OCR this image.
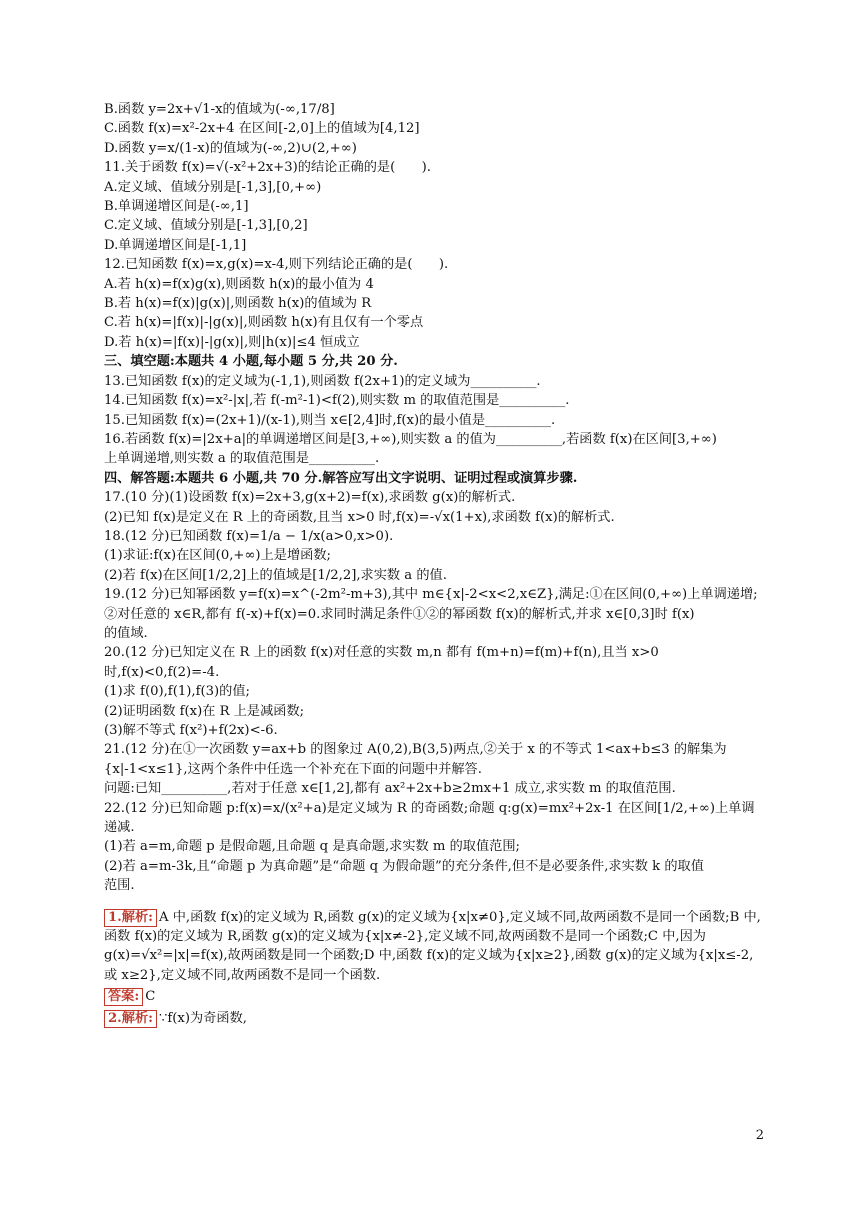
B.函数 y=2x+√1-x的值域为(-∞,17/8]
C.函数 f(x)=x²-2x+4 在区间[-2,0]上的值域为[4,12]
D.函数 y=x/(1-x)的值域为(-∞,2)∪(2,+∞)
11.关于函数 f(x)=√(-x²+2x+3)的结论正确的是(　　).
A.定义域、值域分别是[-1,3],[0,+∞)
B.单调递增区间是(-∞,1]
C.定义域、值域分别是[-1,3],[0,2]
D.单调递增区间是[-1,1]
12.已知函数 f(x)=x,g(x)=x-4,则下列结论正确的是(　　).
A.若 h(x)=f(x)g(x),则函数 h(x)的最小值为 4
B.若 h(x)=f(x)|g(x)|,则函数 h(x)的值域为 R
C.若 h(x)=|f(x)|-|g(x)|,则函数 h(x)有且仅有一个零点
D.若 h(x)=|f(x)|-|g(x)|,则|h(x)|≤4 恒成立
三、填空题:本题共 4 小题,每小题 5 分,共 20 分.
13.已知函数 f(x)的定义域为(-1,1),则函数 f(2x+1)的定义域为__________.
14.已知函数 f(x)=x²-|x|,若 f(-m²-1)<f(2),则实数 m 的取值范围是__________.
15.已知函数 f(x)=(2x+1)/(x-1),则当 x∈[2,4]时,f(x)的最小值是__________.
16.若函数 f(x)=|2x+a|的单调递增区间是[3,+∞),则实数 a 的值为__________,若函数 f(x)在区间[3,+∞)
上单调递增,则实数 a 的取值范围是__________.
四、解答题:本题共 6 小题,共 70 分.解答应写出文字说明、证明过程或演算步骤.
17.(10 分)(1)设函数 f(x)=2x+3,g(x+2)=f(x),求函数 g(x)的解析式.
(2)已知 f(x)是定义在 R 上的奇函数,且当 x>0 时,f(x)=-√x(1+x),求函数 f(x)的解析式.
18.(12 分)已知函数 f(x)=1/a − 1/x(a>0,x>0).
(1)求证:f(x)在区间(0,+∞)上是增函数;
(2)若 f(x)在区间[1/2,2]上的值域是[1/2,2],求实数 a 的值.
19.(12 分)已知幂函数 y=f(x)=x^(-2m²-m+3),其中 m∈{x|-2<x<2,x∈Z},满足:①在区间(0,+∞)上单调递增;
②对任意的 x∈R,都有 f(-x)+f(x)=0.求同时满足条件①②的幂函数 f(x)的解析式,并求 x∈[0,3]时 f(x)
的值域.
20.(12 分)已知定义在 R 上的函数 f(x)对任意的实数 m,n 都有 f(m+n)=f(m)+f(n),且当 x>0
时,f(x)<0,f(2)=-4.
(1)求 f(0),f(1),f(3)的值;
(2)证明函数 f(x)在 R 上是减函数;
(3)解不等式 f(x²)+f(2x)<-6.
21.(12 分)在①一次函数 y=ax+b 的图象过 A(0,2),B(3,5)两点,②关于 x 的不等式 1<ax+b≤3 的解集为
{x|-1<x≤1},这两个条件中任选一个补充在下面的问题中并解答.
问题:已知__________,若对于任意 x∈[1,2],都有 ax²+2x+b≥2mx+1 成立,求实数 m 的取值范围.
22.(12 分)已知命题 p:f(x)=x/(x²+a)是定义域为 R 的奇函数;命题 q:g(x)=mx²+2x-1 在区间[1/2,+∞)上单调
递减.
(1)若 a=m,命题 p 是假命题,且命题 q 是真命题,求实数 m 的取值范围;
(2)若 a=m-3k,且“命题 p 为真命题”是“命题 q 为假命题”的充分条件,但不是必要条件,求实数 k 的取值
范围.
1.解析: A 中,函数 f(x)的定义域为 R,函数 g(x)的定义域为{x|x≠0},定义域不同,故两函数不是同一个函数;B 中,函数 f(x)的定义域为 R,函数 g(x)的定义域为{x|x≠-2},定义域不同,故两函数不是同一个函数;C 中,因为 g(x)=√x²=|x|=f(x),故两函数是同一个函数;D 中,函数 f(x)的定义域为{x|x≥2},函数 g(x)的定义域为{x|x≤-2,或 x≥2},定义域不同,故两函数不是同一个函数.
答案: C
2.解析: ∵f(x)为奇函数,
2
